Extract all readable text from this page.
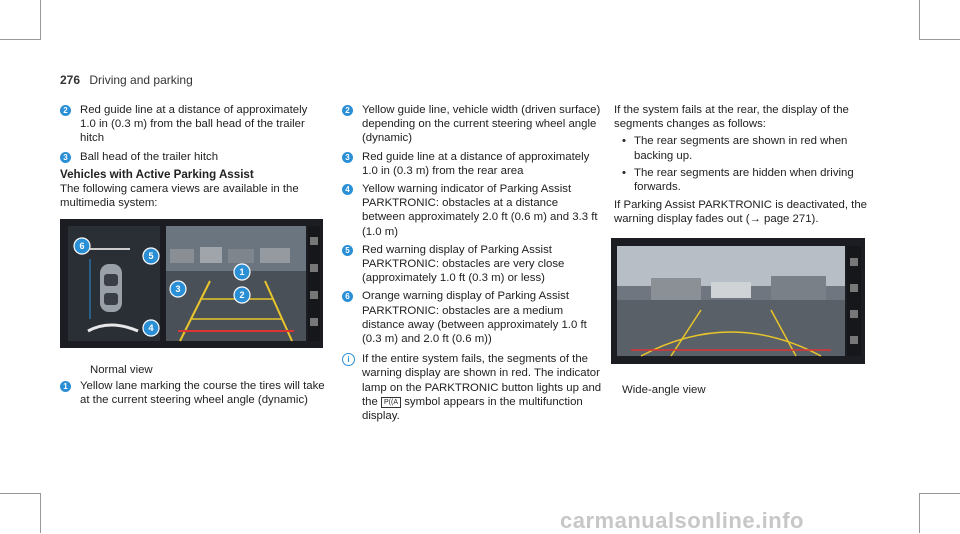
276 Driving and parking
2 Red guide line at a distance of approximately 1.0 in (0.3 m) from the ball head of the trailer hitch
3 Ball head of the trailer hitch
Vehicles with Active Parking Assist

The following camera views are available in the multimedia system:

6
5
3
4
1
2

Normal view

1 Yellow lane marking the course the tires will take at the current steering wheel angle (dynamic)
2 Yellow guide line, vehicle width (driven surface) depending on the current steering wheel angle (dynamic)
3 Red guide line at a distance of approximately 1.0 in (0.3 m) from the rear area
4 Yellow warning indicator of Parking Assist PARKTRONIC: obstacles at a distance between approximately 2.0 ft (0.6 m) and 3.3 ft (1.0 m)
5 Red warning display of Parking Assist PARKTRONIC: obstacles are very close (approximately 1.0 ft (0.3 m) or less)
6 Orange warning display of Parking Assist PARKTRONIC: obstacles are a medium distance away (between approximately 1.0 ft (0.3 m) and 2.0 ft (0.6 m))
i	If the entire system fails, the segments of the warning display are shown in red. The indicator lamp on the PARKTRONIC button lights up and the P((A symbol appears in the multifunction display.

If the system fails at the rear, the display of the segments changes as follows:

• The rear segments are shown in red when backing up.
• The rear segments are hidden when driving forwards.

If Parking Assist PARKTRONIC is deactivated, the warning display fades out (→ page 271).

Wide-angle view

carmanualsonline.info
